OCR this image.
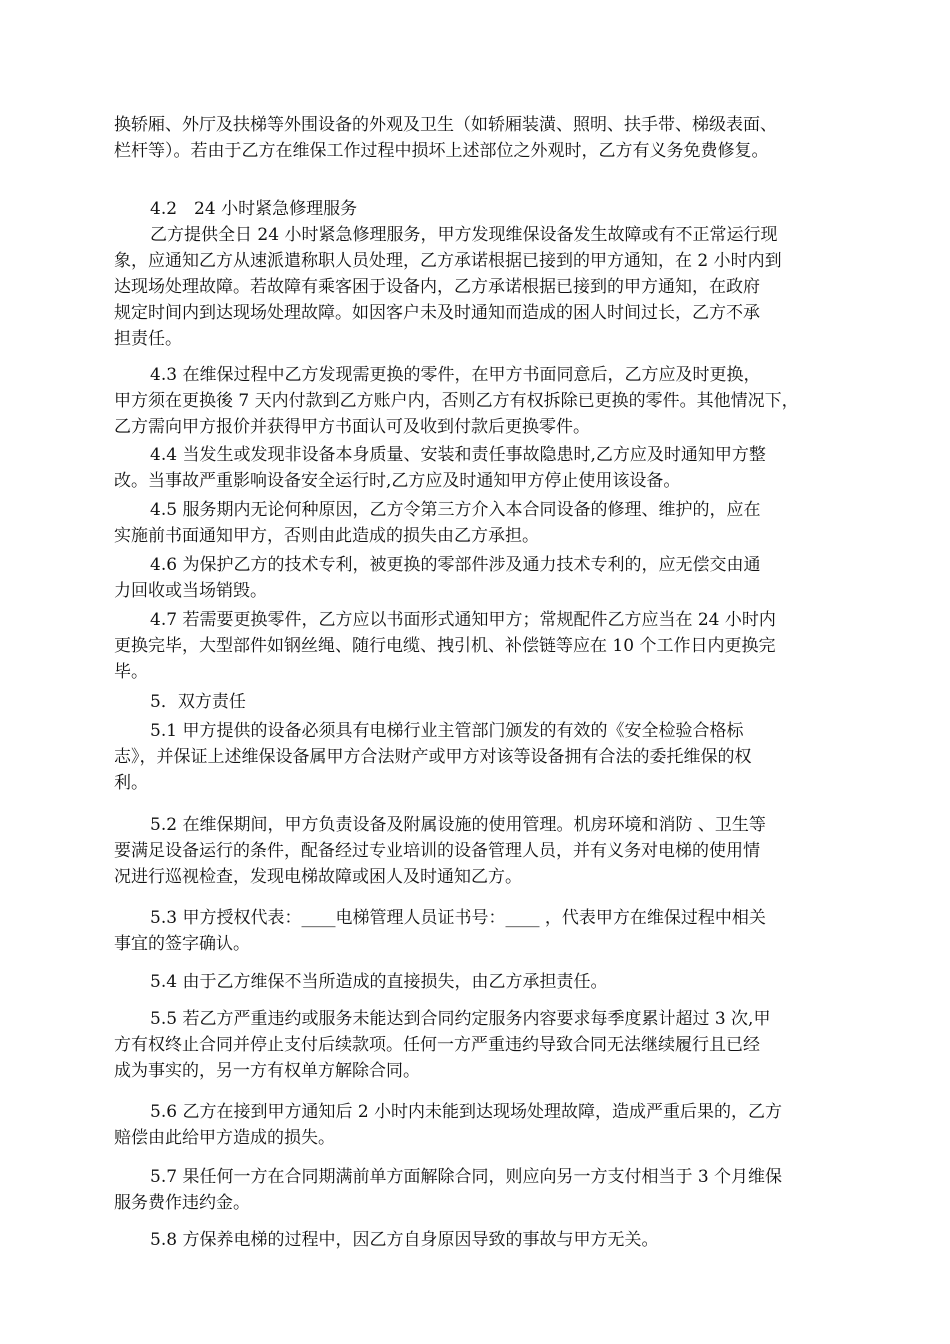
换轿厢、外厅及扶梯等外围设备的外观及卫生（如轿厢装潢、照明、扶手带、梯级表面、
栏杆等）。若由于乙方在维保工作过程中损坏上述部位之外观时，乙方有义务免费修复。
4.2　24 小时紧急修理服务
乙方提供全日 24 小时紧急修理服务，甲方发现维保设备发生故障或有不正常运行现
象，应通知乙方从速派遣称职人员处理，乙方承诺根据已接到的甲方通知，在 2 小时内到
达现场处理故障。若故障有乘客困于设备内，乙方承诺根据已接到的甲方通知，在政府
规定时间内到达现场处理故障。如因客户未及时通知而造成的困人时间过长，乙方不承
担责任。
4.3 在维保过程中乙方发现需更换的零件，在甲方书面同意后，乙方应及时更换，
甲方须在更换後 7 天内付款到乙方账户内，否则乙方有权拆除已更换的零件。其他情况下，
乙方需向甲方报价并获得甲方书面认可及收到付款后更换零件。
4.4 当发生或发现非设备本身质量、安装和责任事故隐患时,乙方应及时通知甲方整
改。当事故严重影响设备安全运行时,乙方应及时通知甲方停止使用该设备。
4.5 服务期内无论何种原因，乙方令第三方介入本合同设备的修理、维护的，应在
实施前书面通知甲方，否则由此造成的损失由乙方承担。
4.6 为保护乙方的技术专利，被更换的零部件涉及通力技术专利的，应无偿交由通
力回收或当场销毁。
4.7 若需要更换零件，乙方应以书面形式通知甲方；常规配件乙方应当在 24 小时内
更换完毕，大型部件如钢丝绳、随行电缆、拽引机、补偿链等应在 10 个工作日内更换完
毕。
5．双方责任
5.1 甲方提供的设备必须具有电梯行业主管部门颁发的有效的《安全检验合格标
志》，并保证上述维保设备属甲方合法财产或甲方对该等设备拥有合法的委托维保的权
利。
5.2 在维保期间，甲方负责设备及附属设施的使用管理。机房环境和消防 、卫生等
要满足设备运行的条件，配备经过专业培训的设备管理人员，并有义务对电梯的使用情
况进行巡视检查，发现电梯故障或困人及时通知乙方。
5.3 甲方授权代表：____电梯管理人员证书号：____ ，代表甲方在维保过程中相关
事宜的签字确认。
5.4 由于乙方维保不当所造成的直接损失，由乙方承担责任。
5.5 若乙方严重违约或服务未能达到合同约定服务内容要求每季度累计超过 3 次,甲
方有权终止合同并停止支付后续款项。任何一方严重违约导致合同无法继续履行且已经
成为事实的，另一方有权单方解除合同。
5.6 乙方在接到甲方通知后 2 小时内未能到达现场处理故障，造成严重后果的，乙方
赔偿由此给甲方造成的损失。
5.7 果任何一方在合同期满前单方面解除合同，则应向另一方支付相当于 3 个月维保
服务费作违约金。
5.8 方保养电梯的过程中，因乙方自身原因导致的事故与甲方无关。
